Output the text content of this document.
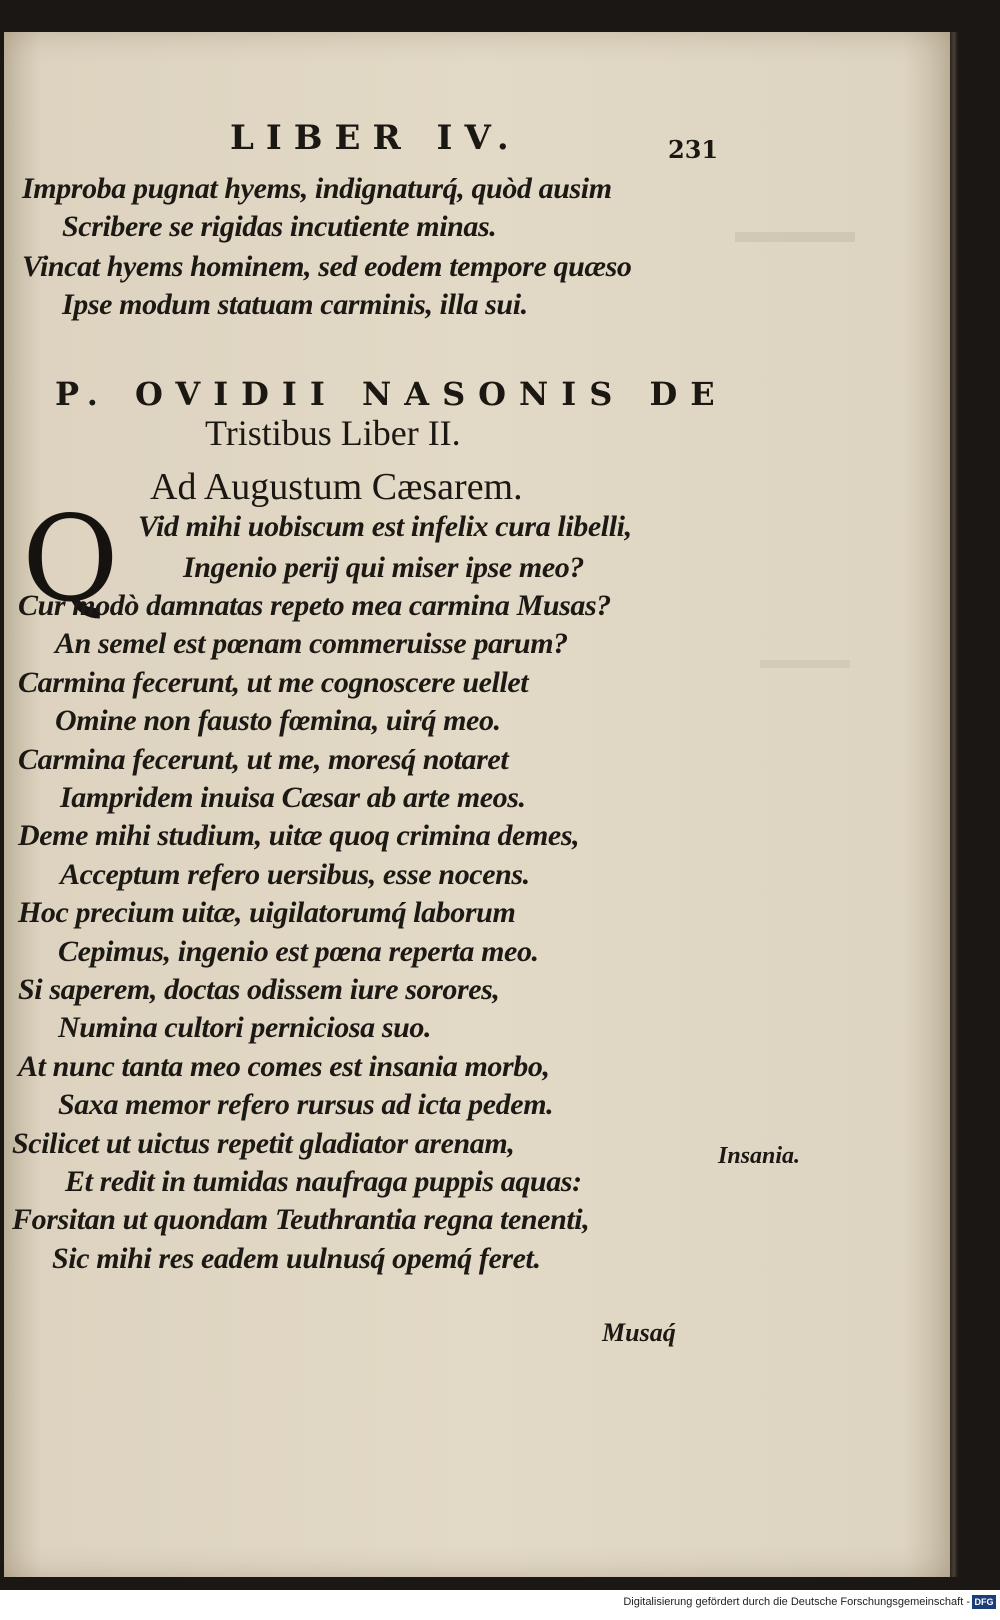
LIBER IV.	231
Improba pugnat hyems, indignaturq́, quòd ausim
Scribere se rigidas incutiente minas.
Vincat hyems hominem, sed eodem tempore quæso
Ipse modum statuam carminis, illa sui.
P. OVIDII NASONIS DE
Tristibus Liber II.
Ad Augustum Cæsarem.
Q Vid mihi uobiscum est infelix cura libelli,
Ingenio perij qui miser ipse meo?
Cur modò damnatas repeto mea carmina Musas?
An semel est pœnam commeruisse parum?
Carmina fecerunt, ut me cognoscere uellet
Omine non fausto fœmina, uirq́ meo.
Carmina fecerunt, ut me, moresq́ notaret
Iampridem inuisa Cæsar ab arte meos.
Deme mihi studium, uitæ quoq crimina demes,
Acceptum refero uersibus, esse nocens.
Hoc precium uitæ, uigilatorumq́ laborum
Cepimus, ingenio est pœna reperta meo.
Si saperem, doctas odissem iure sorores,
Numina cultori perniciosa suo.
At nunc tanta meo comes est insania morbo,
Saxa memor refero rursus ad icta pedem.
Scilicet ut uictus repetit gladiator arenam,
Et redit in tumidas naufraga puppis aquas:
Forsitan ut quondam Teuthrantia regna tenenti,
Sic mihi res eadem uulnusq́ opemq́ feret.
Insania.
Musaq́
Digitalisierung gefördert durch die Deutsche Forschungsgemeinschaft - DFG
